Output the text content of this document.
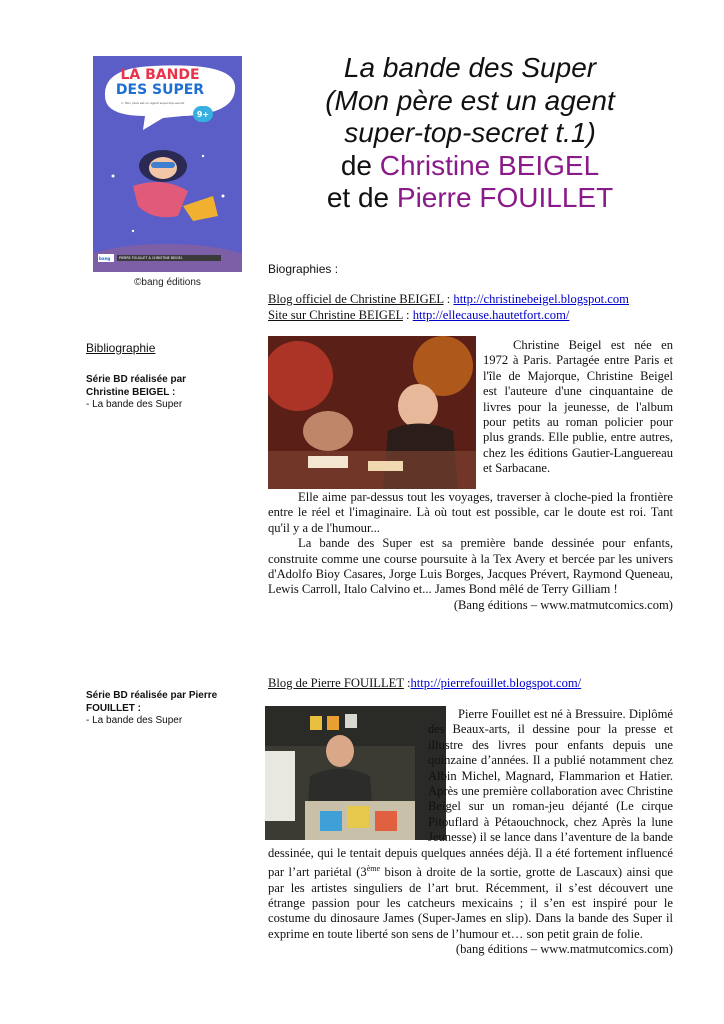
LA BANDE
DES SUPER
1. Mon père est un agent super-top-secret
9+
bang	PIERRE FOUILLET & CHRISTINE BEIGEL
©bang éditions
La bande des Super
(Mon père est un agent
super-top-secret t.1)
de Christine BEIGEL
et de Pierre FOUILLET
Bibliographie
Série BD réalisée par Christine BEIGEL :
- La bande des Super
Série BD réalisée par Pierre FOUILLET :
- La bande des Super
Biographies :
Blog officiel de Christine BEIGEL : http://christinebeigel.blogspot.com
Site sur Christine BEIGEL : http://ellecause.hautetfort.com/
Christine Beigel est née en 1972 à Paris. Partagée entre Paris et l'île de Majorque, Christine Beigel est l'auteure d'une cinquantaine de livres pour la jeunesse, de l'album pour petits au roman policier pour plus grands. Elle publie, entre autres, chez les éditions Gautier-Languereau et Sarbacane.
Elle aime par-dessus tout les voyages, traverser à cloche-pied la frontière entre le réel et l'imaginaire. Là où tout est possible, car le doute est roi. Tant qu'il y a de l'humour...
La bande des Super est sa première bande dessinée pour enfants, construite comme une course poursuite à la Tex Avery et bercée par les univers d'Adolfo Bioy Casares, Jorge Luis Borges, Jacques Prévert, Raymond Queneau, Lewis Carroll, Italo Calvino et... James Bond mêlé de Terry Gilliam !
(Bang éditions – www.matmutcomics.com)
Blog de Pierre FOUILLET :http://pierrefouillet.blogspot.com/
Pierre Fouillet est né à Bressuire. Diplômé des Beaux-arts, il dessine pour la presse et illustre des livres pour enfants depuis une quinzaine d’années. Il a publié notamment chez Albin Michel, Magnard, Flammarion et Hatier. Après une première collaboration avec Christine Beigel sur un roman-jeu déjanté (Le cirque Pitouflard à Pétaouchnock, chez Après la lune Jeunesse) il se lance dans l’aventure de la bande dessinée, qui le tentait depuis quelques années déjà. Il a été fortement influencé par l’art pariétal (3ème bison à droite de la sortie, grotte de Lascaux) ainsi que par les artistes singuliers de l’art brut. Récemment, il s’est découvert une étrange passion pour les catcheurs mexicains ; il s’en est inspiré pour le costume du dinosaure James (Super-James en slip). Dans la bande des Super il exprime en toute liberté son sens de l’humour et… son petit grain de folie.
(bang éditions – www.matmutcomics.com)
